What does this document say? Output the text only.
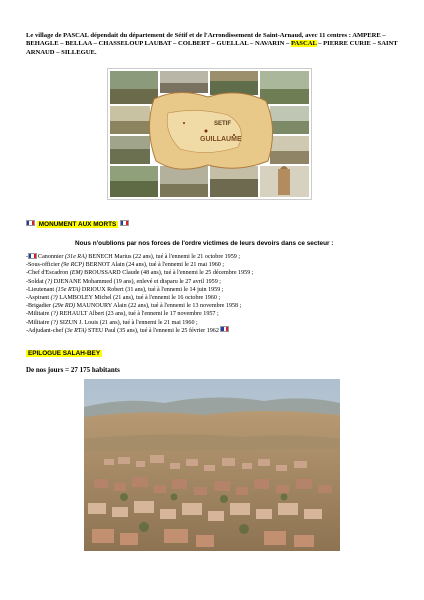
Le village de PASCAL dépendait du département de Sétif et de l'Arrondissement de Saint-Arnaud, avec 11 centres : AMPERE – BEHAGLE – BELLAA – CHASSELOUP LAUBAT – COLBERT – GUELLAL – NAVARIN – PASCAL – PIERRE CURIE – SAINT ARNAUD – SILLEGUE.

SETIF
GUILLAUME
MONUMENT AUX MORTS
Nous n'oublions par nos forces de l'ordre victimes de leurs devoirs dans ce secteur :
- Canonnier (31e RA) BENECH Marius (22 ans), tué à l'ennemi le 21 octobre 1959 ;
-Sous-officier (9e RCP) BERNOT Alain (24 ans), tué à l'ennemi le 21 mai 1960 ;
-Chef d'Escadron (EM) BROUSSARD Claude (48 ans), tué à l'ennemi le 25 décembre 1959 ;
-Soldat (?) DJENANE Mohammed (19 ans), enlevé et disparu le 27 avril 1959 ;
-Lieutenant (15e RTA) DRIOUX Robert (31 ans), tué à l'ennemi le 14 juin 1959 ;
-Aspirant (?) LAMBOLEY Michel (21 ans), tué à l'ennemi le 16 octobre 1960 ;
-Brigadier (29e RD) MAUNOURY Alain (22 ans), tué à l'ennemi le 13 novembre 1958 ;
-Militaire (?) REHAULT Albert (23 ans), tué à l'ennemi le 17 novembre 1957 ;
-Militaire (?) SIZUN J. Louis (21 ans), tué à l'ennemi le 21 mai 1960 ;
-Adjudant-chef (3e RTA) STEU Paul (35 ans), tué à l'ennemi le 25 février 1962
EPILOGUE SALAH-BEY
De nos jours = 27 175 habitants
